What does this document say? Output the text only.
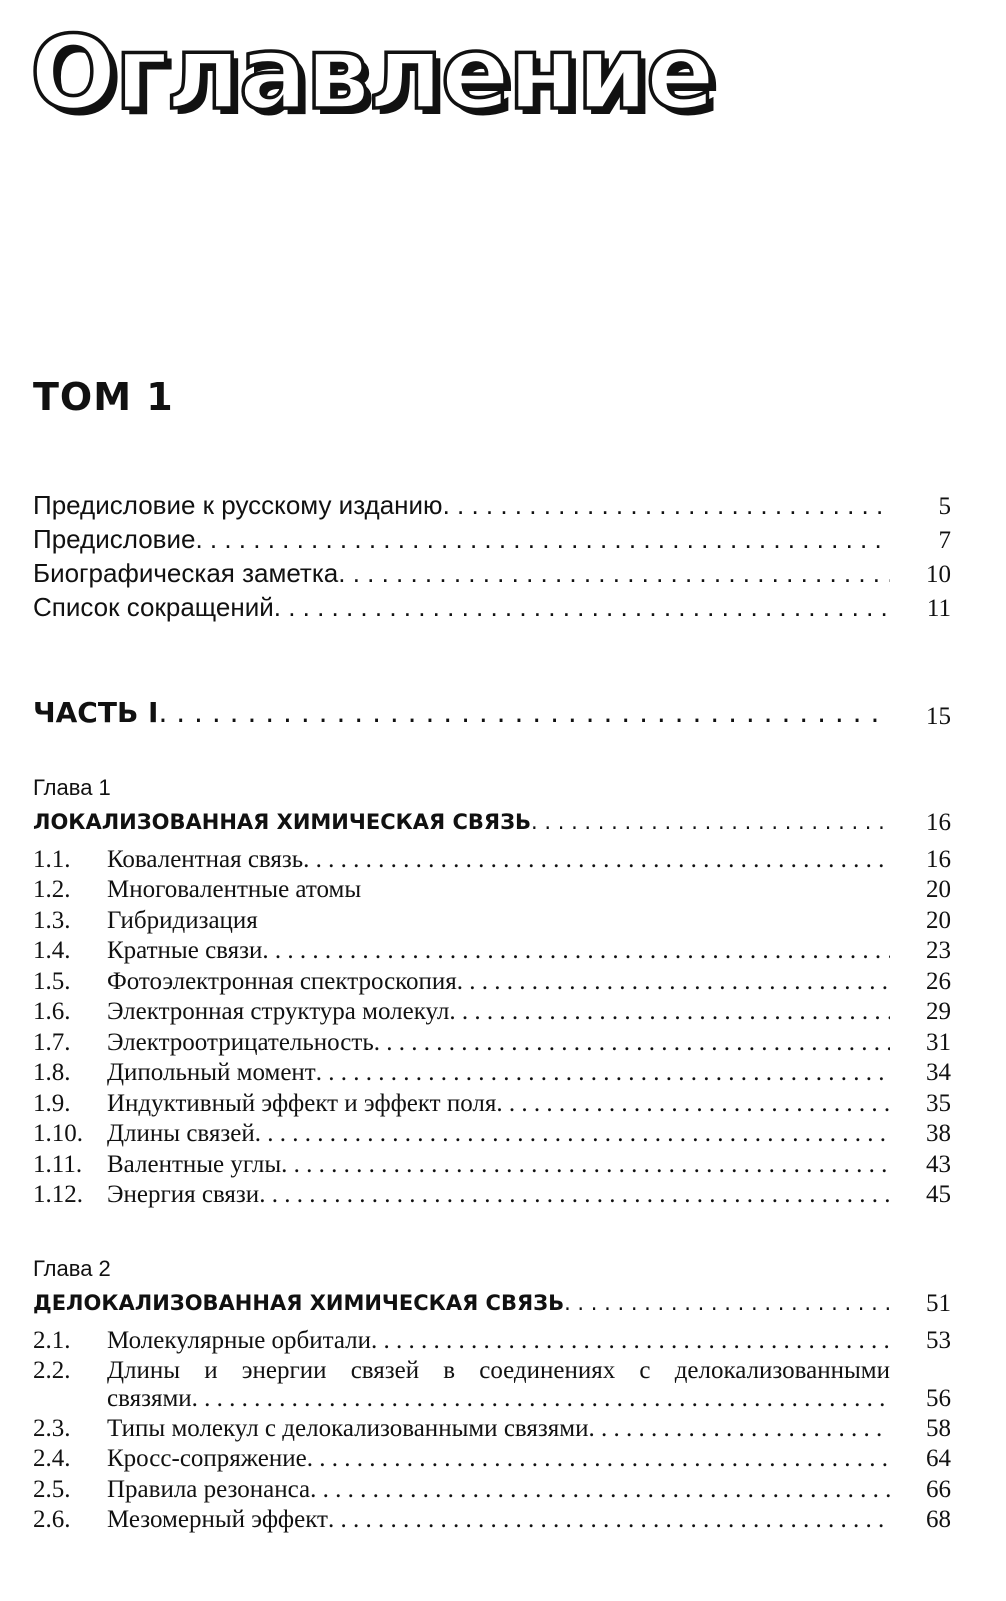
Оглавление
ТОМ 1
Предисловие к русскому изданию . . .	5
Предисловие . . .	7
Биографическая заметка . . .	10
Список сокращений . . .	11
ЧАСТЬ I . . .	15

Глава 1

ЛОКАЛИЗОВАННАЯ ХИМИЧЕСКАЯ СВЯЗЬ . . .	16
1.1. Ковалентная связь . . .	16
1.2. Многовалентные атомы	20
1.3. Гибридизация	20
1.4. Кратные связи . . .	23
1.5. Фотоэлектронная спектроскопия . . .	26
1.6. Электронная структура молекул . . .	29
1.7. Электроотрицательность . . .	31
1.8. Дипольный момент . . .	34
1.9. Индуктивный эффект и эффект поля . . .	35
1.10. Длины связей . . .	38
1.11. Валентные углы . . .	43
1.12. Энергия связи . . .	45

Глава 2

ДЕЛОКАЛИЗОВАННАЯ ХИМИЧЕСКАЯ СВЯЗЬ . . .	51
2.1. Молекулярные орбитали . . .	53
2.2. Длины и энергии связей в соединениях с делокализованными
связями . . .	56
2.3. Типы молекул с делокализованными связями . . .	58
2.4. Кросс-сопряжение . . .	64
2.5. Правила резонанса . . .	66
2.6. Мезомерный эффект . . .	68
